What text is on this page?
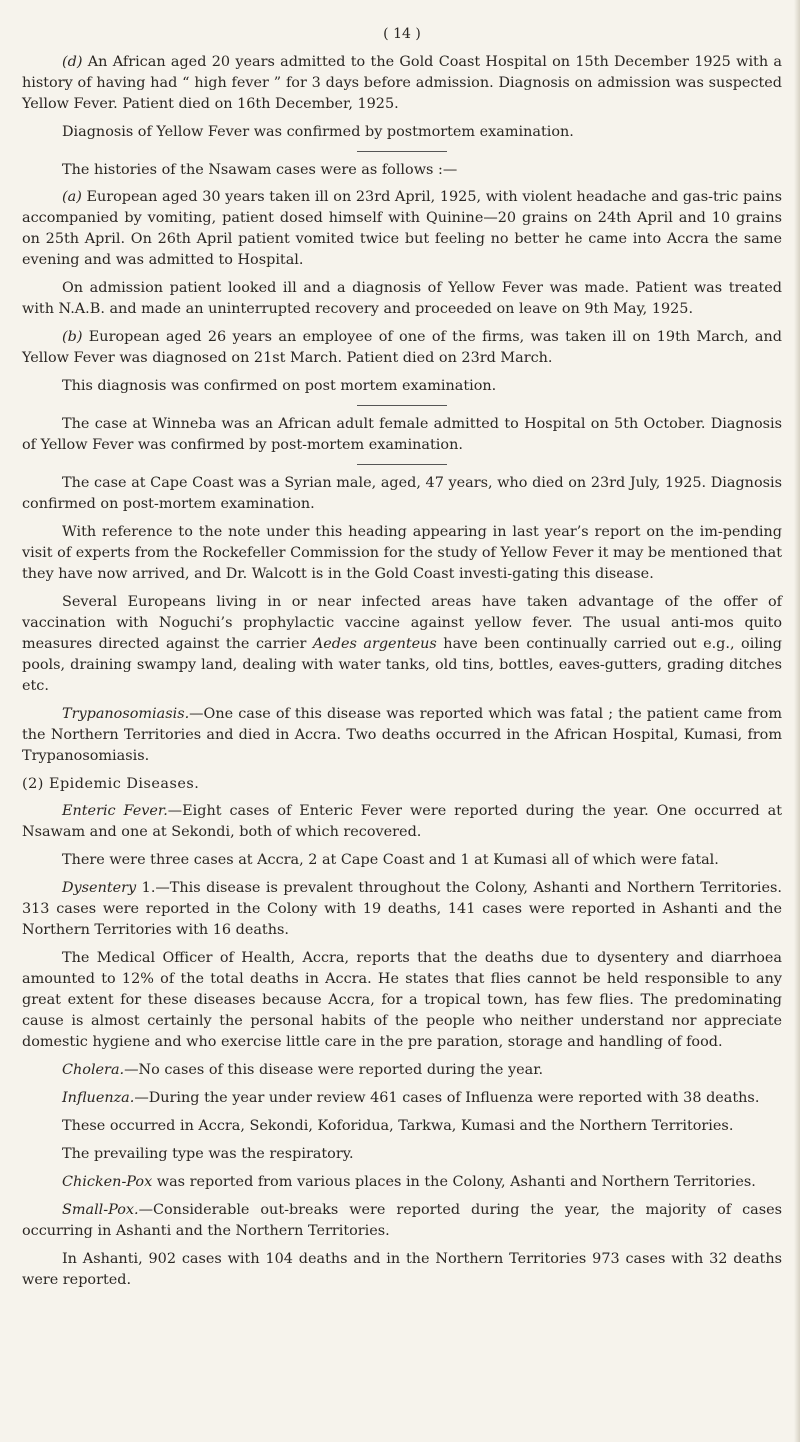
( 14 )

(d) An African aged 20 years admitted to the Gold Coast Hospital on 15th December 1925 with a history of having had “ high fever ” for 3 days before admission. Diagnosis on admission was suspected Yellow Fever. Patient died on 16th December, 1925.

Diagnosis of Yellow Fever was confirmed by postmortem examination.

The histories of the Nsawam cases were as follows :—

(a) European aged 30 years taken ill on 23rd April, 1925, with violent headache and gas-tric pains accompanied by vomiting, patient dosed himself with Quinine—20 grains on 24th April and 10 grains on 25th April. On 26th April patient vomited twice but feeling no better he came into Accra the same evening and was admitted to Hospital.

On admission patient looked ill and a diagnosis of Yellow Fever was made. Patient was treated with N.A.B. and made an uninterrupted recovery and proceeded on leave on 9th May, 1925.

(b) European aged 26 years an employee of one of the firms, was taken ill on 19th March, and Yellow Fever was diagnosed on 21st March. Patient died on 23rd March.

This diagnosis was confirmed on post mortem examination.

The case at Winneba was an African adult female admitted to Hospital on 5th October. Diagnosis of Yellow Fever was confirmed by post-mortem examination.

The case at Cape Coast was a Syrian male, aged, 47 years, who died on 23rd July, 1925. Diagnosis confirmed on post-mortem examination.

With reference to the note under this heading appearing in last year’s report on the im-pending visit of experts from the Rockefeller Commission for the study of Yellow Fever it may be mentioned that they have now arrived, and Dr. Walcott is in the Gold Coast investi-gating this disease.

Several Europeans living in or near infected areas have taken advantage of the offer of vaccination with Noguchi’s prophylactic vaccine against yellow fever. The usual anti-mos quito measures directed against the carrier Aedes argenteus have been continually carried out e.g., oiling pools, draining swampy land, dealing with water tanks, old tins, bottles, eaves-gutters, grading ditches etc.

Trypanosomiasis.—One case of this disease was reported which was fatal ; the patient came from the Northern Territories and died in Accra. Two deaths occurred in the African Hospital, Kumasi, from Trypanosomiasis.

(2) Epidemic Diseases.

Enteric Fever.—Eight cases of Enteric Fever were reported during the year. One occurred at Nsawam and one at Sekondi, both of which recovered.

There were three cases at Accra, 2 at Cape Coast and 1 at Kumasi all of which were fatal.

Dysentery 1.—This disease is prevalent throughout the Colony, Ashanti and Northern Territories. 313 cases were reported in the Colony with 19 deaths, 141 cases were reported in Ashanti and the Northern Territories with 16 deaths.

The Medical Officer of Health, Accra, reports that the deaths due to dysentery and diarrhoea amounted to 12% of the total deaths in Accra. He states that flies cannot be held responsible to any great extent for these diseases because Accra, for a tropical town, has few flies. The predominating cause is almost certainly the personal habits of the people who neither understand nor appreciate domestic hygiene and who exercise little care in the pre paration, storage and handling of food.

Cholera.—No cases of this disease were reported during the year.

Influenza.—During the year under review 461 cases of Influenza were reported with 38 deaths.

These occurred in Accra, Sekondi, Koforidua, Tarkwa, Kumasi and the Northern Territories.

The prevailing type was the respiratory.

Chicken-Pox was reported from various places in the Colony, Ashanti and Northern Territories.

Small-Pox.—Considerable out-breaks were reported during the year, the majority of cases occurring in Ashanti and the Northern Territories.

In Ashanti, 902 cases with 104 deaths and in the Northern Territories 973 cases with 32 deaths were reported.
